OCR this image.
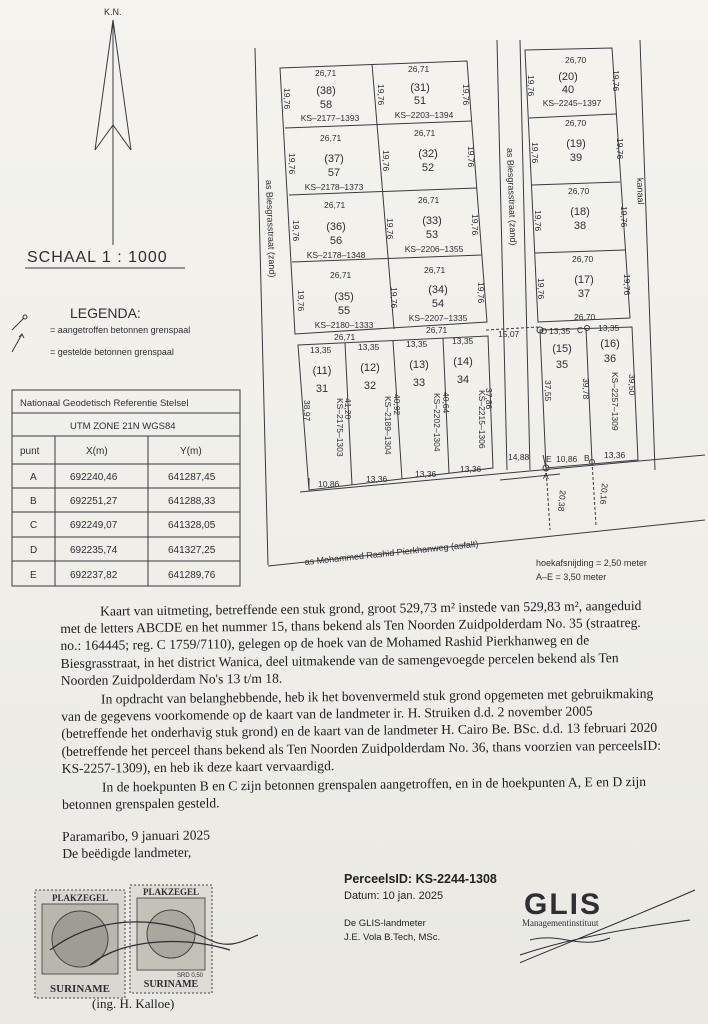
K.N.
SCHAAL 1 : 1000
LEGENDA:
= aangetroffen betonnen grenspaal
= gestelde betonnen grenspaal
Nationaal Geodetisch Referentie Stelsel
UTM ZONE 21N WGS84
punt	X(m)	Y(m)
A	692240,46	641287,45
B	692251,27	641288,33
C	692249,07	641328,05
D	692235,74	641327,25
E	692237,82	641289,76
as Biesgrasstraat (zand)	as Biesgrasstraat (zand)	kanaal
as Mohammed Rashid Pierkhanweg (asfalt)	hoekafsnijding = 2,50 meter
A–E = 3,50 meter
(38)
58
KS–2177–1393
(31)
51
KS–2203–1394
(37)
57
KS–2178–1373
(32)
52
(36)
56
KS–2178–1348
(33)
53
KS–2206–1355
(35)
55
KS–2180–1333
(34)
54
KS–2207–1335
(20)
40
KS–2245–1397
(19)
39
(18)
38
(17)
37
(11)
31
(12)
32
(13)
33
(14)
34
(15)
35
(16)
36
KS–2175–1303	KS–2189–1304	KS–2202–1304	KS–2215–1306	KS–2257–1309
26,71	26,71
26,71	26,71
26,71	26,71
26,71	26,71
26,71
26,71
26,70
26,70
26,70
26,70
26,70
13,35	13,35	13,35	13,35
D 13,35 C 13,35
10,86	13,36	13,36	13,36
14,88
15,07
E 10,86 B 13,36
19,76	19,76	19,76
19,76	19,76	19,76
19,76	19,76	19,76
19,76	19,76	19,76
19,76	19,76
19,76	19,76
19,76	19,76
19,76	19,76
38,97	41,20	40,92	40,64	37,86	37,55	39,78	39,50
20,38	20,16
A

Kaart van uitmeting, betreffende een stuk grond, groot 529,73 m² instede van 529,83 m², aangeduid met de letters ABCDE en het nummer 15, thans bekend als Ten Noorden Zuidpolderdam No. 35 (straatreg. no.: 164445; reg. C 1759/7110), gelegen op de hoek van de Mohamed Rashid Pierkhanweg en de Biesgrasstraat, in het district Wanica, deel uitmakende van de samengevoegde percelen bekend als Ten Noorden Zuidpolderdam No's 13 t/m 18.

In opdracht van belanghebbende, heb ik het bovenvermeld stuk grond opgemeten met gebruikmaking van de gegevens voorkomende op de kaart van de landmeter ir. H. Struiken d.d. 2 november 2005 (betreffende het onderhavig stuk grond) en de kaart van de landmeter H. Cairo Be. BSc. d.d. 13 februari 2020 (betreffende het perceel thans bekend als Ten Noorden Zuidpolderdam No. 36, thans voorzien van perceelsID: KS-2257-1309), en heb ik deze kaart vervaardigd.

In de hoekpunten B en C zijn betonnen grenspalen aangetroffen, en in de hoekpunten A, E en D zijn betonnen grenspalen gesteld.

Paramaribo, 9 januari 2025
De beëdigde landmeter,
PLAKZEGEL
SURINAME
PLAKZEGEL
SRD 0,50
SURINAME
(ing. H. Kalloe)
PerceelsID: KS-2244-1308
Datum: 10 jan. 2025
De GLIS-landmeter
J.E. Vola B.Tech, MSc.
GLIS
Managementinstituut
